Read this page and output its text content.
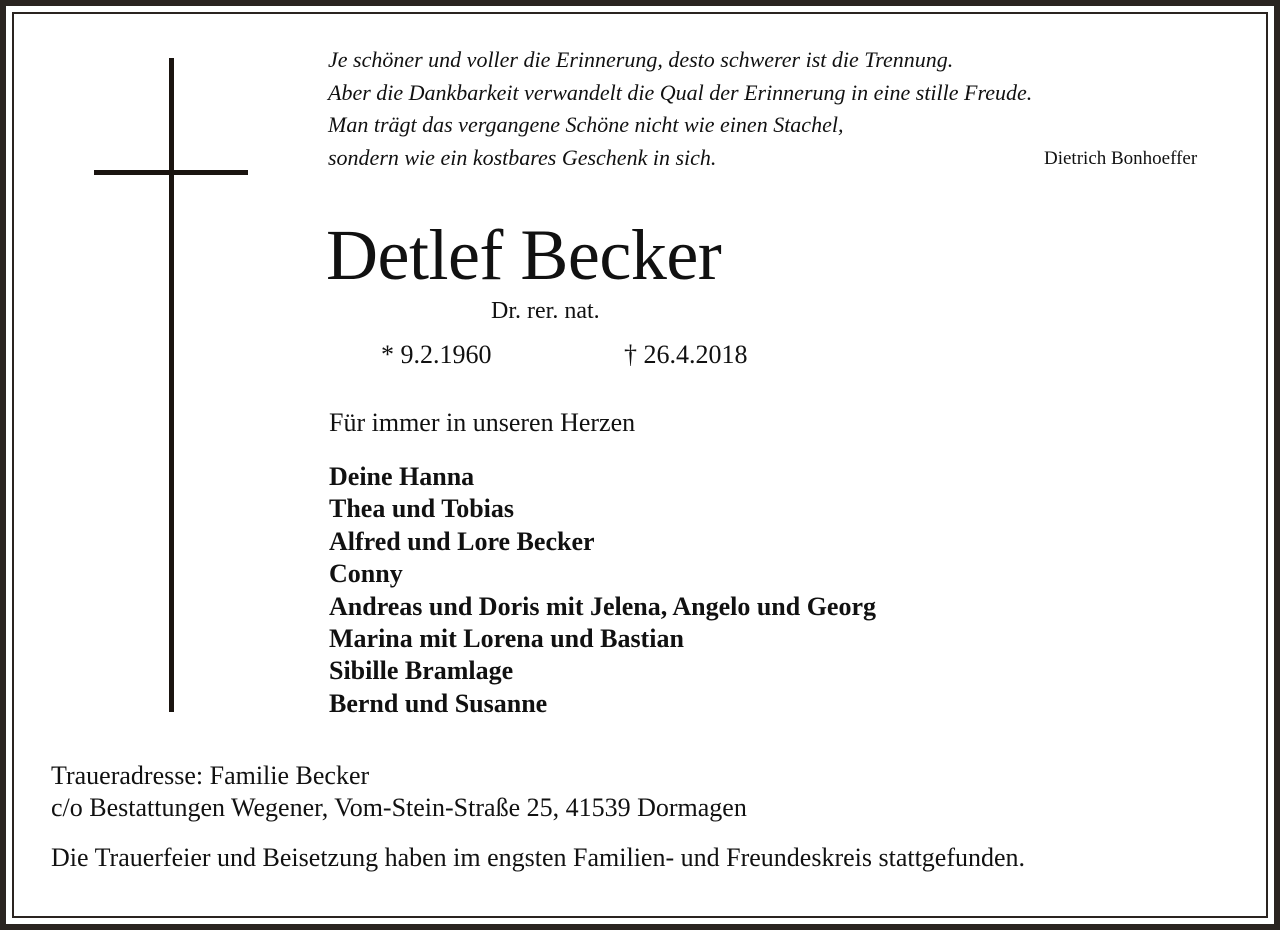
Je schöner und voller die Erinnerung, desto schwerer ist die Trennung.
Aber die Dankbarkeit verwandelt die Qual der Erinnerung in eine stille Freude.
Man trägt das vergangene Schöne nicht wie einen Stachel,
sondern wie ein kostbares Geschenk in sich.	Dietrich Bonhoeffer
Detlef Becker
Dr. rer. nat.
* 9.2.1960	† 26.4.2018
Für immer in unseren Herzen
Deine Hanna
Thea und Tobias
Alfred und Lore Becker
Conny
Andreas und Doris mit Jelena, Angelo und Georg
Marina mit Lorena und Bastian
Sibille Bramlage
Bernd und Susanne
Traueradresse: Familie Becker
c/o Bestattungen Wegener, Vom-Stein-Straße 25, 41539 Dormagen
Die Trauerfeier und Beisetzung haben im engsten Familien- und Freundeskreis stattgefunden.
